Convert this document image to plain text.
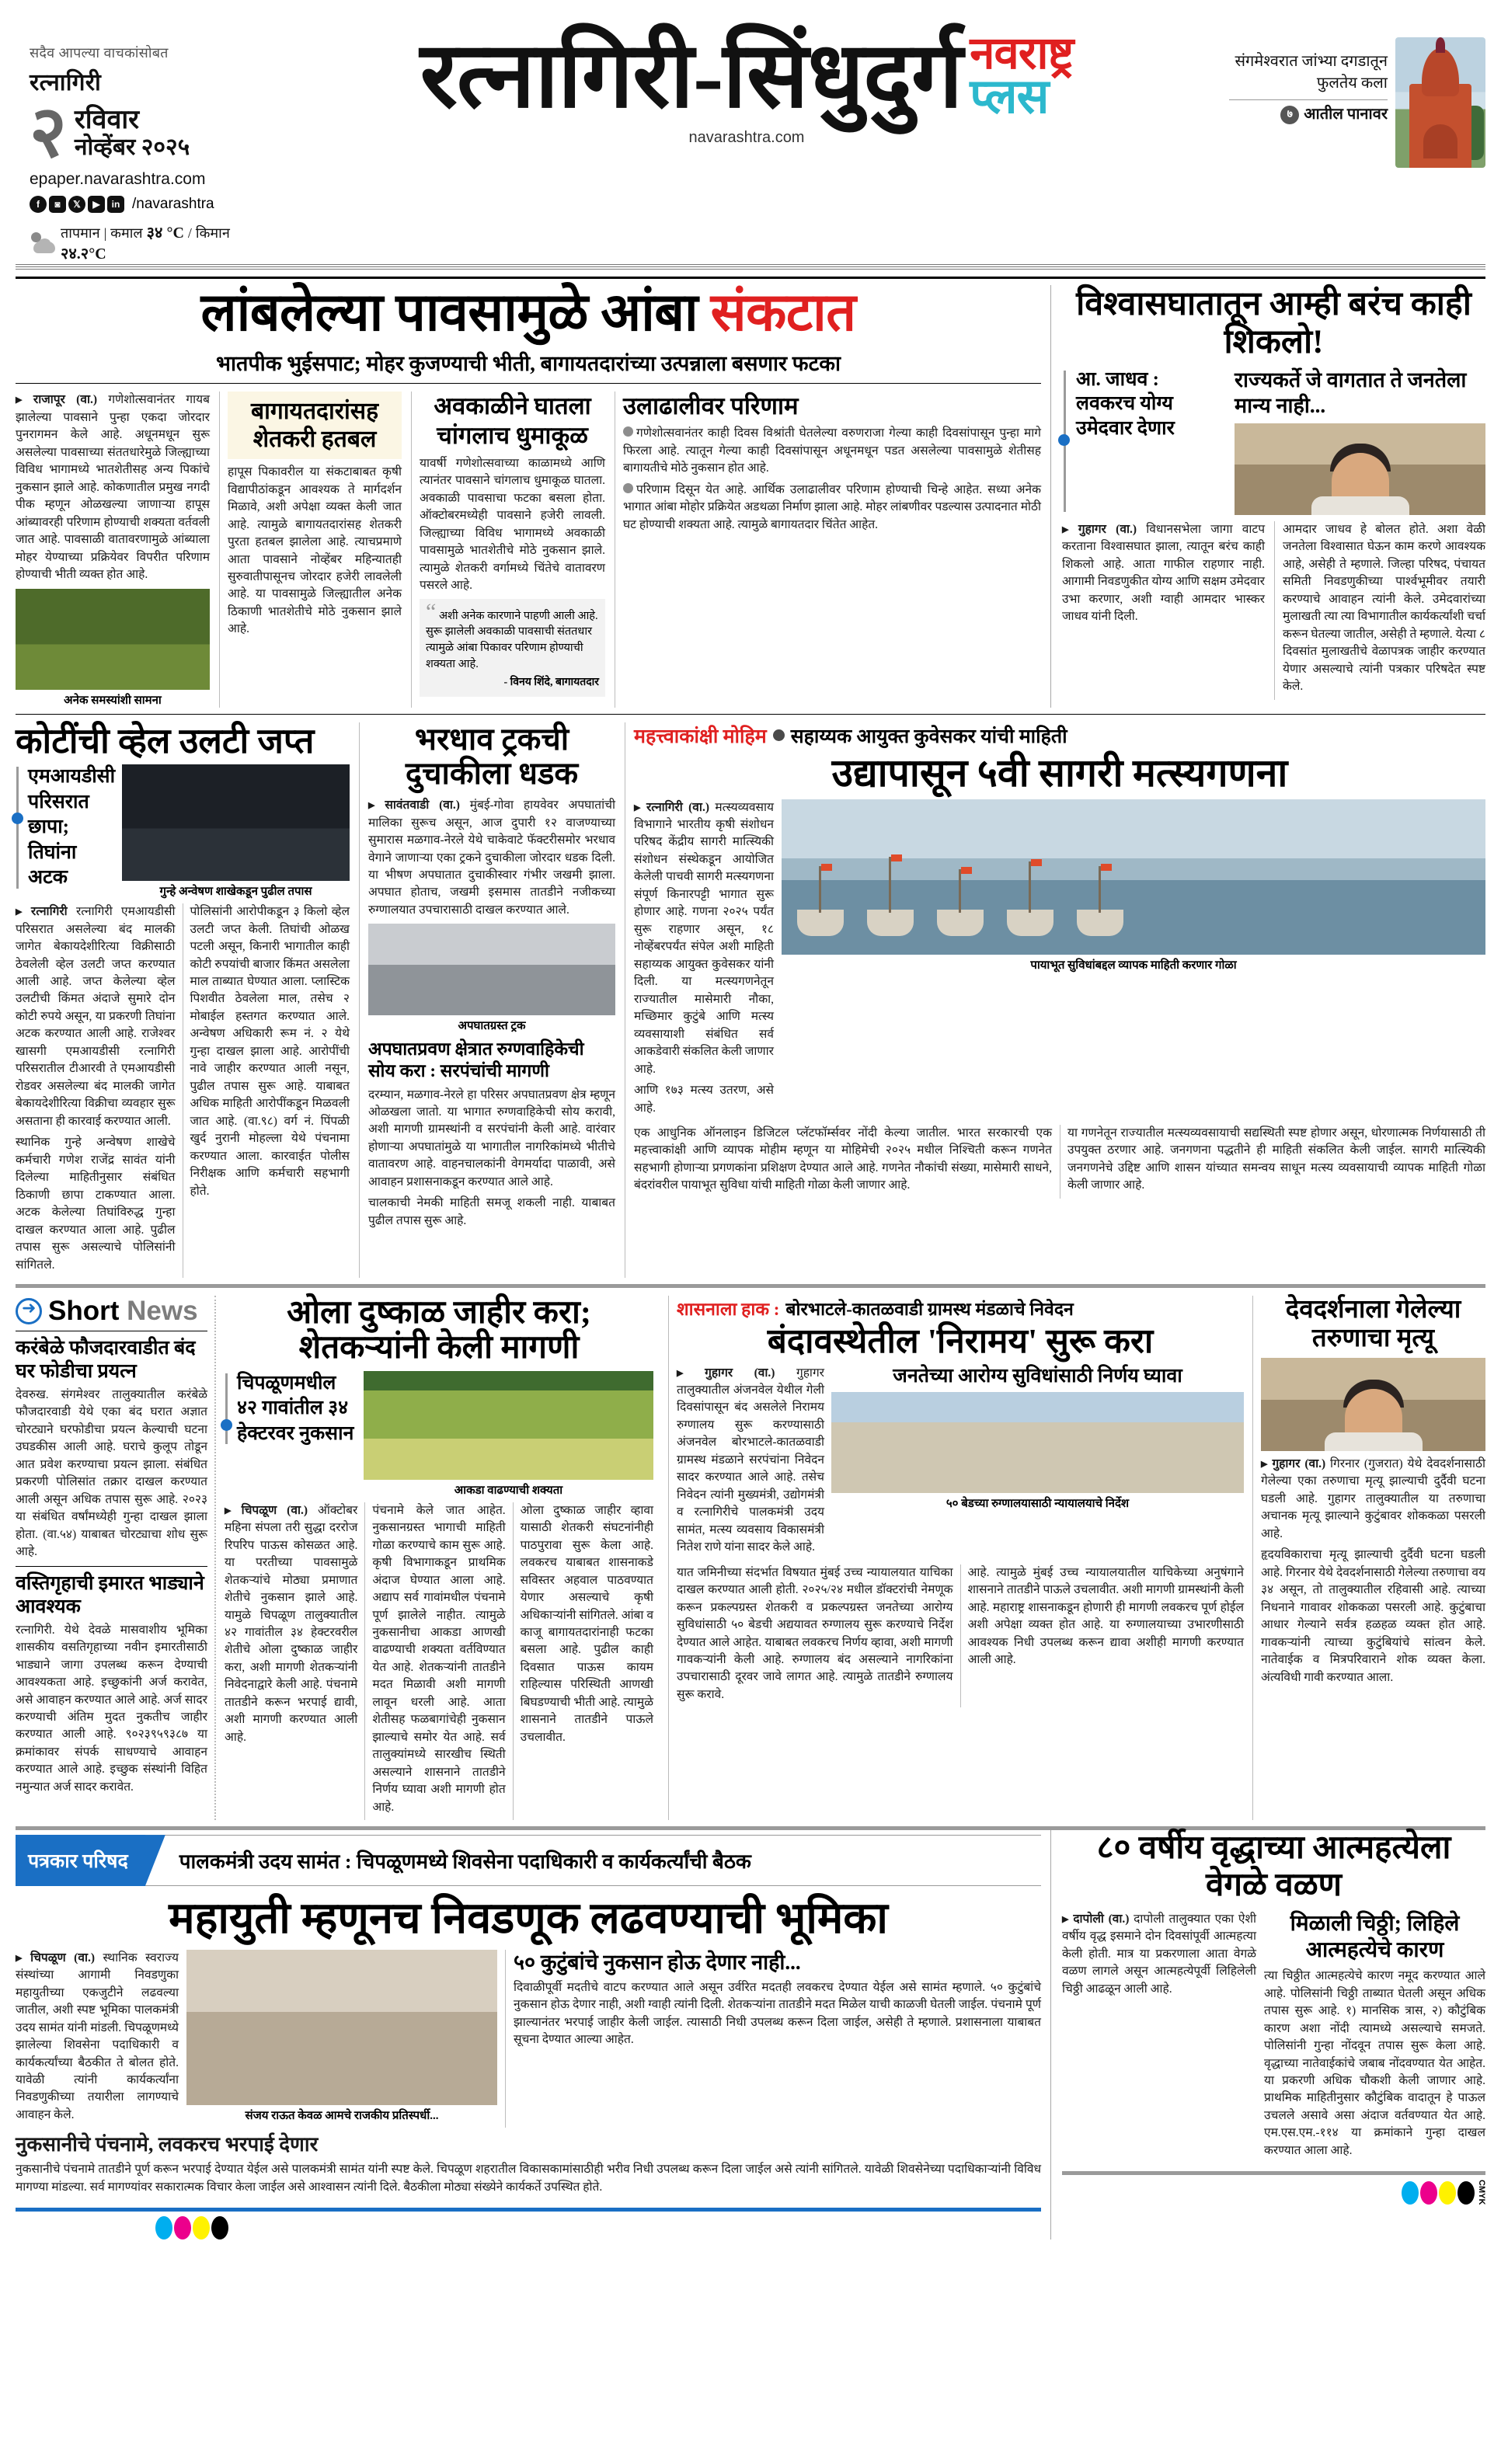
सदैव आपल्या वाचकांसोबत
रत्नागिरी
२ रविवार
नोव्हेंबर २०२५
epaper.navarashtra.com
f	◙	𝕏	▶	in /navarashtra
तापमान | कमाल ३४ °C / किमान २४.२°C
रत्नागिरी-सिंधुदुर्ग नवराष्ट्र
प्लस
navarashtra.com
संगमेश्वरात जांभ्या दगडातून फुलतेय कला
७ आतील पानावर
लांबलेल्या पावसामुळे आंबा संकटात
भातपीक भुईसपाट; मोहर कुजण्याची भीती, बागायतदारांच्या उत्पन्नाला बसणार फटका

▶ राजापूर (वा.) गणेशोत्सवानंतर गायब झालेल्या पावसाने पुन्हा एकदा जोरदार पुनरागमन केले आहे. अधूनमधून सुरू असलेल्या पावसाच्या संततधारेमुळे जिल्ह्याच्या विविध भागामध्ये भातशेतीसह अन्य पिकांचे नुकसान झाले आहे. कोकणातील प्रमुख नगदी पीक म्हणून ओळखल्या जाणाऱ्या हापूस आंब्यावरही परिणाम होण्याची शक्यता वर्तवली जात आहे. पावसाळी वातावरणामुळे आंब्याला मोहर येण्याच्या प्रक्रियेवर विपरीत परिणाम होण्याची भीती व्यक्त होत आहे.

अनेक समस्यांशी सामना
बागायतदारांसह शेतकरी हतबल

हापूस पिकावरील या संकटाबाबत कृषी विद्यापीठांकडून आवश्यक ते मार्गदर्शन मिळावे, अशी अपेक्षा व्यक्त केली जात आहे. त्यामुळे बागायतदारांसह शेतकरी पुरता हतबल झालेला आहे. त्याचप्रमाणे आता पावसाने नोव्हेंबर महिन्यातही सुरुवातीपासूनच जोरदार हजेरी लावलेली आहे. या पावसामुळे जिल्ह्यातील अनेक ठिकाणी भातशेतीचे मोठे नुकसान झाले आहे.

अवकाळीने घातला चांगलाच धुमाकूळ

यावर्षी गणेशोत्सवाच्या काळामध्ये आणि त्यानंतर पावसाने चांगलाच धुमाकूळ घातला. अवकाळी पावसाचा फटका बसला होता. ऑक्टोबरमध्येही पावसाने हजेरी लावली. जिल्ह्याच्या विविध भागामध्ये अवकाळी पावसामुळे भातशेतीचे मोठे नुकसान झाले. त्यामुळे शेतकरी वर्गामध्ये चिंतेचे वातावरण पसरले आहे.

“ अशी अनेक कारणाने पाहणी आली आहे. सुरू झालेली अवकाळी पावसाची संततधार त्यामुळे आंबा पिकावर परिणाम होण्याची शक्यता आहे.
- विनय शिंदे, बागायतदार
उलाढालीवर परिणाम

गणेशोत्सवानंतर काही दिवस विश्रांती घेतलेल्या वरुणराजा गेल्या काही दिवसांपासून पुन्हा मागे फिरला आहे. त्यातून गेल्या काही दिवसांपासून अधूनमधून पडत असलेल्या पावसामुळे शेतीसह बागायतीचे मोठे नुकसान होत आहे.

परिणाम दिसून येत आहे. आर्थिक उलाढालीवर परिणाम होण्याची चिन्हे आहेत. सध्या अनेक भागात आंबा मोहोर प्रक्रियेत अडथळा निर्माण झाला आहे. मोहर लांबणीवर पडल्यास उत्पादनात मोठी घट होण्याची शक्यता आहे. त्यामुळे बागायतदार चिंतेत आहेत.

विश्वासघातातून आम्ही बरंच काही शिकलो!
आ. जाधव :
लवकरच योग्य उमेदवार देणार
राज्यकर्ते जे वागतात ते जनतेला मान्य नाही...

▶ गुहागर (वा.) विधानसभेला जागा वाटप करताना विश्वासघात झाला, त्यातून बरंच काही शिकलो आहे. आता गाफील राहणार नाही. आगामी निवडणुकीत योग्य आणि सक्षम उमेदवार उभा करणार, अशी ग्वाही आमदार भास्कर जाधव यांनी दिली.

आमदार जाधव हे बोलत होते. अशा वेळी जनतेला विश्वासात घेऊन काम करणे आवश्यक आहे, असेही ते म्हणाले. जिल्हा परिषद, पंचायत समिती निवडणुकीच्या पार्श्वभूमीवर तयारी करण्याचे आवाहन त्यांनी केले. उमेदवारांच्या मुलाखती त्या त्या विभागातील कार्यकर्त्यांशी चर्चा करून घेतल्या जातील, असेही ते म्हणाले. येत्या ८ दिवसांत मुलाखतीचे वेळापत्रक जाहीर करण्यात येणार असल्याचे त्यांनी पत्रकार परिषदेत स्पष्ट केले.

कोटींची व्हेल उलटी जप्त
एमआयडीसी परिसरात छापा; तिघांना अटक
गुन्हे अन्वेषण शाखेकडून पुढील तपास

▶ रत्नागिरी रत्नागिरी एमआयडीसी परिसरात असलेल्या बंद मालकी जागेत बेकायदेशीरित्या विक्रीसाठी ठेवलेली व्हेल उलटी जप्त करण्यात आली आहे. जप्त केलेल्या व्हेल उलटीची किंमत अंदाजे सुमारे दोन कोटी रुपये असून, या प्रकरणी तिघांना अटक करण्यात आली आहे. राजेश्वर खासगी एमआयडीसी रत्नागिरी परिसरातील टीआरवी ते एमआयडीसी रोडवर असलेल्या बंद मालकी जागेत बेकायदेशीरित्या विक्रीचा व्यवहार सुरू असताना ही कारवाई करण्यात आली.

स्थानिक गुन्हे अन्वेषण शाखेचे कर्मचारी गणेश राजेंद्र सावंत यांनी दिलेल्या माहितीनुसार संबंधित ठिकाणी छापा टाकण्यात आला. अटक केलेल्या तिघांविरुद्ध गुन्हा दाखल करण्यात आला आहे. पुढील तपास सुरू असल्याचे पोलिसांनी सांगितले.

पोलिसांनी आरोपीकडून ३ किलो व्हेल उलटी जप्त केली. तिघांची ओळख पटली असून, किनारी भागातील काही कोटी रुपयांची बाजार किंमत असलेला माल ताब्यात घेण्यात आला. प्लास्टिक पिशवीत ठेवलेला माल, तसेच २ मोबाईल हस्तगत करण्यात आले. अन्वेषण अधिकारी रूम नं. २ येथे गुन्हा दाखल झाला आहे. आरोपींची नावे जाहीर करण्यात आली नसून, पुढील तपास सुरू आहे. याबाबत अधिक माहिती आरोपींकडून मिळवली जात आहे. (वा.९८) वर्ग नं. पिंपळी खुर्द नुरानी मोहल्ला येथे पंचनामा करण्यात आला. कारवाईत पोलीस निरीक्षक आणि कर्मचारी सहभागी होते.

भरधाव ट्रकची दुचाकीला धडक

▶ सावंतवाडी (वा.) मुंबई-गोवा हायवेवर अपघातांची मालिका सुरूच असून, आज दुपारी १२ वाजण्याच्या सुमारास मळगाव-नेरले येथे चाकेवाटे फॅक्टरीसमोर भरधाव वेगाने जाणाऱ्या एका ट्रकने दुचाकीला जोरदार धडक दिली. या भीषण अपघातात दुचाकीस्वार गंभीर जखमी झाला. अपघात होताच, जखमी इसमास तातडीने नजीकच्या रुग्णालयात उपचारासाठी दाखल करण्यात आले.

अपघातग्रस्त ट्रक
अपघातप्रवण क्षेत्रात रुग्णवाहिकेची सोय करा : सरपंचांची मागणी

दरम्यान, मळगाव-नेरले हा परिसर अपघातप्रवण क्षेत्र म्हणून ओळखला जातो. या भागात रुग्णवाहिकेची सोय करावी, अशी मागणी ग्रामस्थांनी व सरपंचांनी केली आहे. वारंवार होणाऱ्या अपघातांमुळे या भागातील नागरिकांमध्ये भीतीचे वातावरण आहे. वाहनचालकांनी वेगमर्यादा पाळावी, असे आवाहन प्रशासनाकडून करण्यात आले आहे.

चालकाची नेमकी माहिती समजू शकली नाही. याबाबत पुढील तपास सुरू आहे.

महत्त्वाकांक्षी मोहिम सहाय्यक आयुक्त कुवेसकर यांची माहिती
उद्यापासून ५वी सागरी मत्स्यगणना

▶ रत्नागिरी (वा.) मत्स्यव्यवसाय विभागाने भारतीय कृषी संशोधन परिषद केंद्रीय सागरी मात्स्यिकी संशोधन संस्थेकडून आयोजित केलेली पाचवी सागरी मत्स्यगणना संपूर्ण किनारपट्टी भागात सुरू होणार आहे. गणना २०२५ पर्यंत सुरू राहणार असून, १८ नोव्हेंबरपर्यंत संपेल अशी माहिती सहाय्यक आयुक्त कुवेसकर यांनी दिली. या मत्स्यगणनेतून राज्यातील मासेमारी नौका, मच्छिमार कुटुंबे आणि मत्स्य व्यवसायाशी संबंधित सर्व आकडेवारी संकलित केली जाणार आहे.

आणि १७३ मत्स्य उतरण, असे आहे.

पायाभूत सुविधांबद्दल व्यापक माहिती करणार गोळा

एक आधुनिक ऑनलाइन डिजिटल प्लॅटफॉर्म्सवर नोंदी केल्या जातील. भारत सरकारची एक महत्त्वाकांक्षी आणि व्यापक मोहीम म्हणून या मोहिमेची २०२५ मधील निश्चिती करून गणनेत सहभागी होणाऱ्या प्रगणकांना प्रशिक्षण देण्यात आले आहे. गणनेत नौकांची संख्या, मासेमारी साधने, बंदरांवरील पायाभूत सुविधा यांची माहिती गोळा केली जाणार आहे.

या गणनेतून राज्यातील मत्स्यव्यवसायाची सद्यस्थिती स्पष्ट होणार असून, धोरणात्मक निर्णयासाठी ती उपयुक्त ठरणार आहे. जनगणना पद्धतीने ही माहिती संकलित केली जाईल. सागरी मात्स्यिकी जनगणनेचे उद्दिष्ट आणि शासन यांच्यात समन्वय साधून मत्स्य व्यवसायाची व्यापक माहिती गोळा केली जाणार आहे.

➜
Short News
करंबेळे फौजदारवाडीत बंद घर फोडीचा प्रयत्न

देवरुख. संगमेश्वर तालुक्यातील करंबेळे फौजदारवाडी येथे एका बंद घरात अज्ञात चोरट्याने घरफोडीचा प्रयत्न केल्याची घटना उघडकीस आली आहे. घराचे कुलूप तोडून आत प्रवेश करण्याचा प्रयत्न झाला. संबंधित प्रकरणी पोलिसांत तक्रार दाखल करण्यात आली असून अधिक तपास सुरू आहे. २०२३ या संबंधित वर्षांमध्येही गुन्हा दाखल झाला होता. (वा.५४) याबाबत चोरट्याचा शोध सुरू आहे.

वस्तिगृहाची इमारत भाड्याने आवश्यक

रत्नागिरी. येथे देवळे मासवाशीय भूमिका शासकीय वसतिगृहाच्या नवीन इमारतीसाठी भाड्याने जागा उपलब्ध करून देण्याची आवश्यकता आहे. इच्छुकांनी अर्ज करावेत, असे आवाहन करण्यात आले आहे. अर्ज सादर करण्याची अंतिम मुदत नुकतीच जाहीर करण्यात आली आहे. ९०२३९५९३८७ या क्रमांकावर संपर्क साधण्याचे आवाहन करण्यात आले आहे. इच्छुक संस्थांनी विहित नमुन्यात अर्ज सादर करावेत.

ओला दुष्काळ जाहीर करा; शेतकऱ्यांनी केली मागणी
चिपळूणमधील ४२ गावांतील ३४ हेक्टरवर नुकसान
आकडा वाढण्याची शक्यता

▶ चिपळूण (वा.) ऑक्टोबर महिना संपला तरी सुद्धा दररोज रिपरिप पाऊस कोसळत आहे. या परतीच्या पावसामुळे शेतकऱ्यांचे मोठ्या प्रमाणात शेतीचे नुकसान झाले आहे. यामुळे चिपळूण तालुक्यातील ४२ गावांतील ३४ हेक्टरवरील शेतीचे ओला दुष्काळ जाहीर करा, अशी मागणी शेतकऱ्यांनी निवेदनाद्वारे केली आहे. पंचनामे तातडीने करून भरपाई द्यावी, अशी मागणी करण्यात आली आहे.

पंचनामे केले जात आहेत. नुकसानग्रस्त भागाची माहिती गोळा करण्याचे काम सुरू आहे. कृषी विभागाकडून प्राथमिक अंदाज घेण्यात आला आहे. अद्याप सर्व गावांमधील पंचनामे पूर्ण झालेले नाहीत. त्यामुळे नुकसानीचा आकडा आणखी वाढण्याची शक्यता वर्तविण्यात येत आहे. शेतकऱ्यांनी तातडीने मदत मिळावी अशी मागणी लावून धरली आहे. आता शेतीसह फळबागांचेही नुकसान झाल्याचे समोर येत आहे. सर्व तालुक्यांमध्ये सारखीच स्थिती असल्याने शासनाने तातडीने निर्णय घ्यावा अशी मागणी होत आहे.

ओला दुष्काळ जाहीर व्हावा यासाठी शेतकरी संघटनांनीही पाठपुरावा सुरू केला आहे. लवकरच याबाबत शासनाकडे सविस्तर अहवाल पाठवण्यात येणार असल्याचे कृषी अधिकाऱ्यांनी सांगितले. आंबा व काजू बागायतदारांनाही फटका बसला आहे. पुढील काही दिवसात पाऊस कायम राहिल्यास परिस्थिती आणखी बिघडण्याची भीती आहे. त्यामुळे शासनाने तातडीने पाऊले उचलावीत.

शासनाला हाक : बोरभाटले-कातळवाडी ग्रामस्थ मंडळाचे निवेदन
बंदावस्थेतील 'निरामय' सुरू करा

▶ गुहागर (वा.) गुहागर तालुक्यातील अंजनवेल येथील गेली दिवसांपासून बंद असलेले निरामय रुग्णालय सुरू करण्यासाठी अंजनवेल बोरभाटले-कातळवाडी ग्रामस्थ मंडळाने सरपंचांना निवेदन सादर करण्यात आले आहे. तसेच निवेदन त्यांनी मुख्यमंत्री, उद्योगमंत्री व रत्नागिरीचे पालकमंत्री उदय सामंत, मत्स्य व्यवसाय विकासमंत्री नितेश राणे यांना सादर केले आहे.

जनतेच्या आरोग्य सुविधांसाठी निर्णय घ्यावा
५० बेडच्या रुग्णालयासाठी न्यायालयाचे निर्देश

यात जमिनीच्या संदर्भात विषयात मुंबई उच्च न्यायालयात याचिका दाखल करण्यात आली होती. २०२५/२४ मधील डॉक्टरांची नेमणूक करून प्रकल्पग्रस्त शेतकरी व प्रकल्पग्रस्त जनतेच्या आरोग्य सुविधांसाठी ५० बेडची अद्ययावत रुग्णालय सुरू करण्याचे निर्देश देण्यात आले आहेत. याबाबत लवकरच निर्णय व्हावा, अशी मागणी गावकऱ्यांनी केली आहे. रुग्णालय बंद असल्याने नागरिकांना उपचारासाठी दूरवर जावे लागत आहे. त्यामुळे तातडीने रुग्णालय सुरू करावे.

आहे. त्यामुळे मुंबई उच्च न्यायालयातील याचिकेच्या अनुषंगाने शासनाने तातडीने पाऊले उचलावीत. अशी मागणी ग्रामस्थांनी केली आहे. महाराष्ट्र शासनाकडून होणारी ही मागणी लवकरच पूर्ण होईल अशी अपेक्षा व्यक्त होत आहे. या रुग्णालयाच्या उभारणीसाठी आवश्यक निधी उपलब्ध करून द्यावा अशीही मागणी करण्यात आली आहे.

देवदर्शनाला गेलेल्या तरुणाचा मृत्यू

▶ गुहागर (वा.) गिरनार (गुजरात) येथे देवदर्शनासाठी गेलेल्या एका तरुणाचा मृत्यू झाल्याची दुर्दैवी घटना घडली आहे. गुहागर तालुक्यातील या तरुणाचा अचानक मृत्यू झाल्याने कुटुंबावर शोककळा पसरली आहे.

हृदयविकाराचा मृत्यू झाल्याची दुर्दैवी घटना घडली आहे. गिरनार येथे देवदर्शनासाठी गेलेल्या तरुणाचा वय ३४ असून, तो तालुक्यातील रहिवासी आहे. त्याच्या निधनाने गावावर शोककळा पसरली आहे. कुटुंबाचा आधार गेल्याने सर्वत्र हळहळ व्यक्त होत आहे. गावकऱ्यांनी त्याच्या कुटुंबियांचे सांत्वन केले. नातेवाईक व मित्रपरिवाराने शोक व्यक्त केला. अंत्यविधी गावी करण्यात आला.

पत्रकार परिषद	पालकमंत्री उदय सामंत : चिपळूणमध्ये शिवसेना पदाधिकारी व कार्यकर्त्यांची बैठक
महायुती म्हणूनच निवडणूक लढवण्याची भूमिका

▶ चिपळूण (वा.) स्थानिक स्वराज्य संस्थांच्या आगामी निवडणुका महायुतीच्या एकजुटीने लढवल्या जातील, अशी स्पष्ट भूमिका पालकमंत्री उदय सामंत यांनी मांडली. चिपळूणमध्ये झालेल्या शिवसेना पदाधिकारी व कार्यकर्त्यांच्या बैठकीत ते बोलत होते. यावेळी त्यांनी कार्यकर्त्यांना निवडणुकीच्या तयारीला लागण्याचे आवाहन केले.	संजय राऊत केवळ आमचे राजकीय प्रतिस्पर्धी...
५० कुटुंबांचे नुकसान होऊ देणार नाही...

दिवाळीपूर्वी मदतीचे वाटप करण्यात आले असून उर्वरित मदतही लवकरच देण्यात येईल असे सामंत म्हणाले. ५० कुटुंबांचे नुकसान होऊ देणार नाही, अशी ग्वाही त्यांनी दिली. शेतकऱ्यांना तातडीने मदत मिळेल याची काळजी घेतली जाईल. पंचनामे पूर्ण झाल्यानंतर भरपाई जाहीर केली जाईल. त्यासाठी निधी उपलब्ध करून दिला जाईल, असेही ते म्हणाले. प्रशासनाला याबाबत सूचना देण्यात आल्या आहेत.

नुकसानीचे पंचनामे, लवकरच भरपाई देणार

नुकसानीचे पंचनामे तातडीने पूर्ण करून भरपाई देण्यात येईल असे पालकमंत्री सामंत यांनी स्पष्ट केले. चिपळूण शहरातील विकासकामांसाठीही भरीव निधी उपलब्ध करून दिला जाईल असे त्यांनी सांगितले. यावेळी शिवसेनेच्या पदाधिकाऱ्यांनी विविध मागण्या मांडल्या. सर्व मागण्यांवर सकारात्मक विचार केला जाईल असे आश्वासन त्यांनी दिले. बैठकीला मोठ्या संख्येने कार्यकर्ते उपस्थित होते.

८० वर्षीय वृद्धाच्या आत्महत्येला वेगळे वळण

▶ दापोली (वा.) दापोली तालुक्यात एका ऐशी वर्षीय वृद्ध इसमाने दोन दिवसांपूर्वी आत्महत्या केली होती. मात्र या प्रकरणाला आता वेगळे वळण लागले असून आत्महत्येपूर्वी लिहिलेली चिठ्ठी आढळून आली आहे.

मिळाली चिठ्ठी; लिहिले आत्महत्येचे कारण

त्या चिठ्ठीत आत्महत्येचे कारण नमूद करण्यात आले आहे. पोलिसांनी चिठ्ठी ताब्यात घेतली असून अधिक तपास सुरू आहे. १) मानसिक त्रास, २) कौटुंबिक कारण अशा नोंदी त्यामध्ये असल्याचे समजते. पोलिसांनी गुन्हा नोंदवून तपास सुरू केला आहे. वृद्धाच्या नातेवाईकांचे जबाब नोंदवण्यात येत आहेत. या प्रकरणी अधिक चौकशी केली जाणार आहे. प्राथमिक माहितीनुसार कौटुंबिक वादातून हे पाऊल उचलले असावे असा अंदाज वर्तवण्यात येत आहे. एम.एस.एम.-११४ या क्रमांकाने गुन्हा दाखल करण्यात आला आहे.

CMYK
